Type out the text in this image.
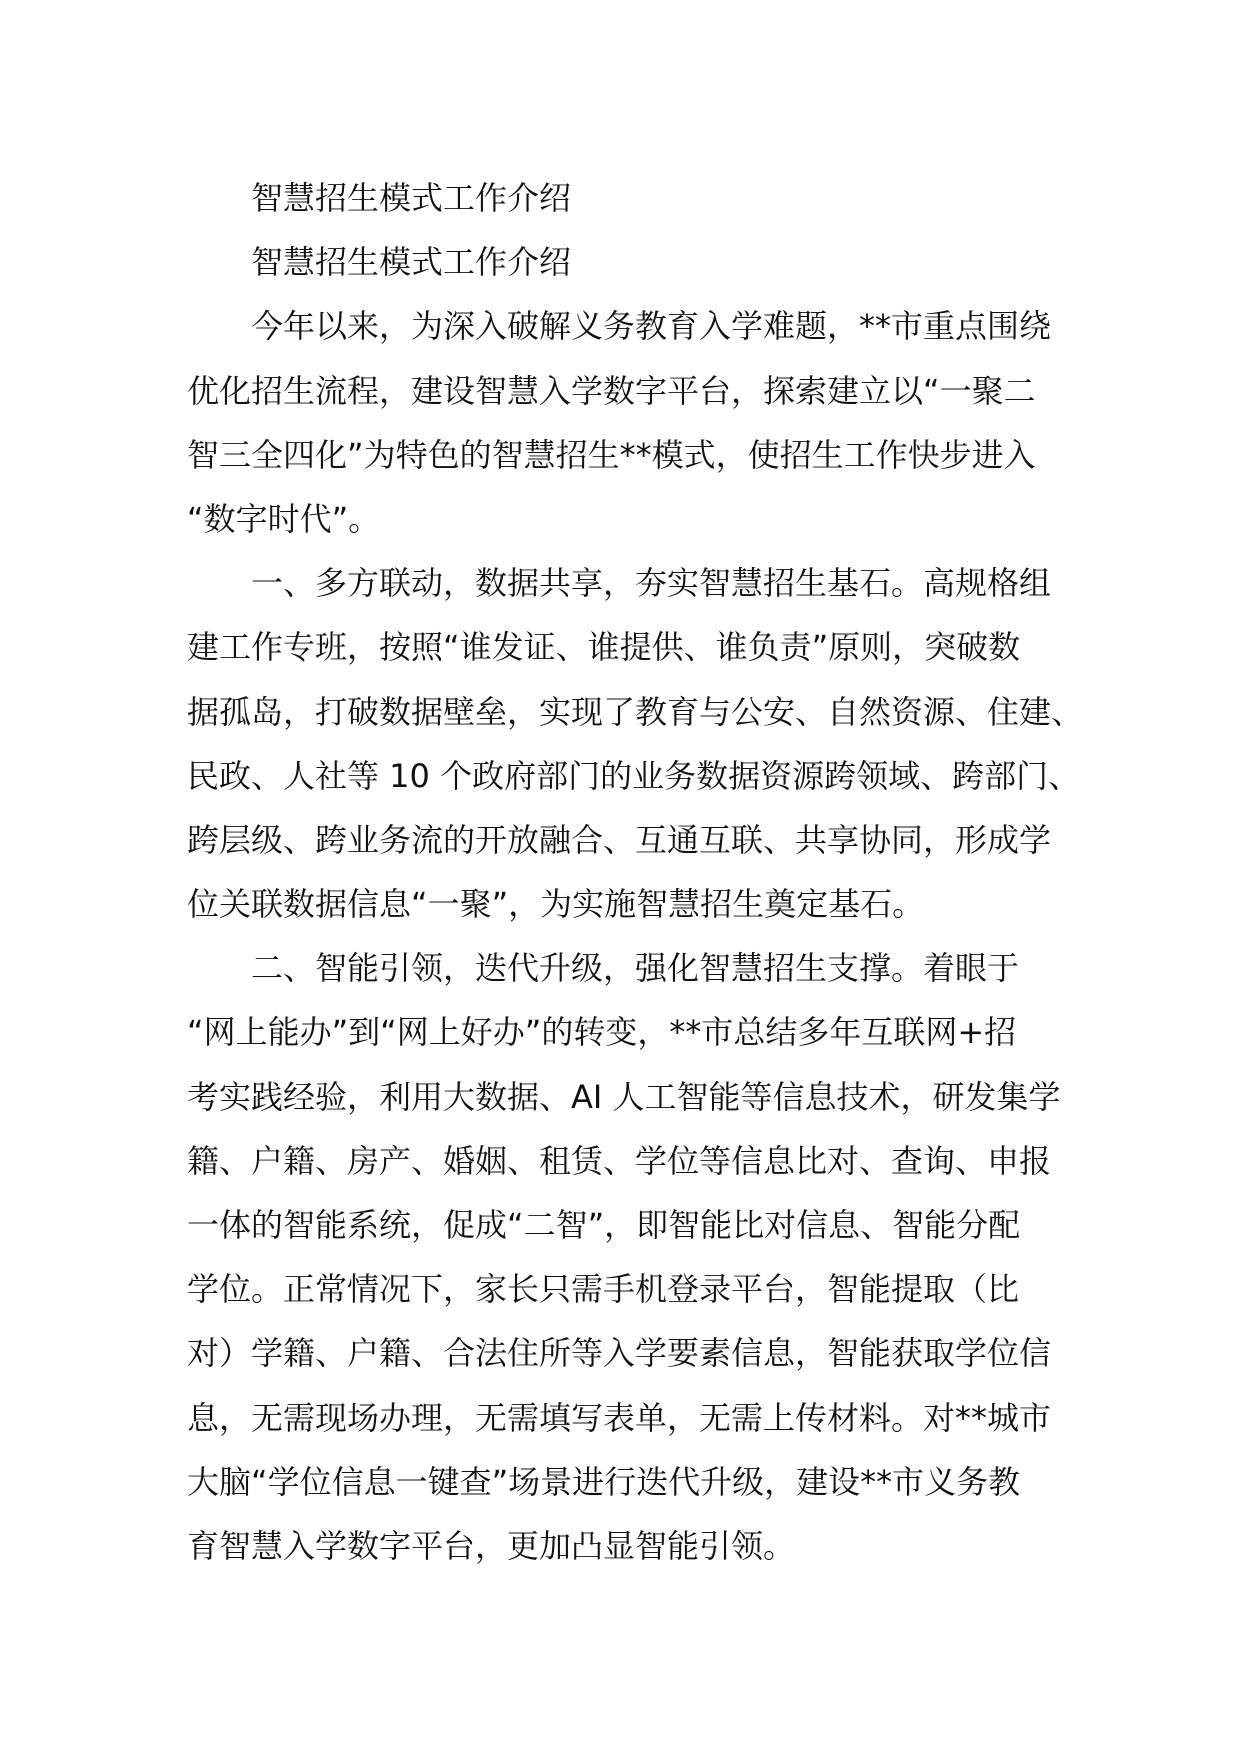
智慧招生模式工作介绍
智慧招生模式工作介绍
今年以来，为深入破解义务教育入学难题，**市重点围绕
优化招生流程，建设智慧入学数字平台，探索建立以“一聚二
智三全四化”为特色的智慧招生**模式，使招生工作快步进入
“数字时代”。
一、多方联动，数据共享，夯实智慧招生基石。高规格组
建工作专班，按照“谁发证、谁提供、谁负责”原则，突破数
据孤岛，打破数据壁垒，实现了教育与公安、自然资源、住建、
民政、人社等 10 个政府部门的业务数据资源跨领域、跨部门、
跨层级、跨业务流的开放融合、互通互联、共享协同，形成学
位关联数据信息“一聚”，为实施智慧招生奠定基石。
二、智能引领，迭代升级，强化智慧招生支撑。着眼于
“网上能办”到“网上好办”的转变，**市总结多年互联网+招
考实践经验，利用大数据、AI 人工智能等信息技术，研发集学
籍、户籍、房产、婚姻、租赁、学位等信息比对、查询、申报
一体的智能系统，促成“二智”，即智能比对信息、智能分配
学位。正常情况下，家长只需手机登录平台，智能提取（比
对）学籍、户籍、合法住所等入学要素信息，智能获取学位信
息，无需现场办理，无需填写表单，无需上传材料。对**城市
大脑“学位信息一键查”场景进行迭代升级，建设**市义务教
育智慧入学数字平台，更加凸显智能引领。
